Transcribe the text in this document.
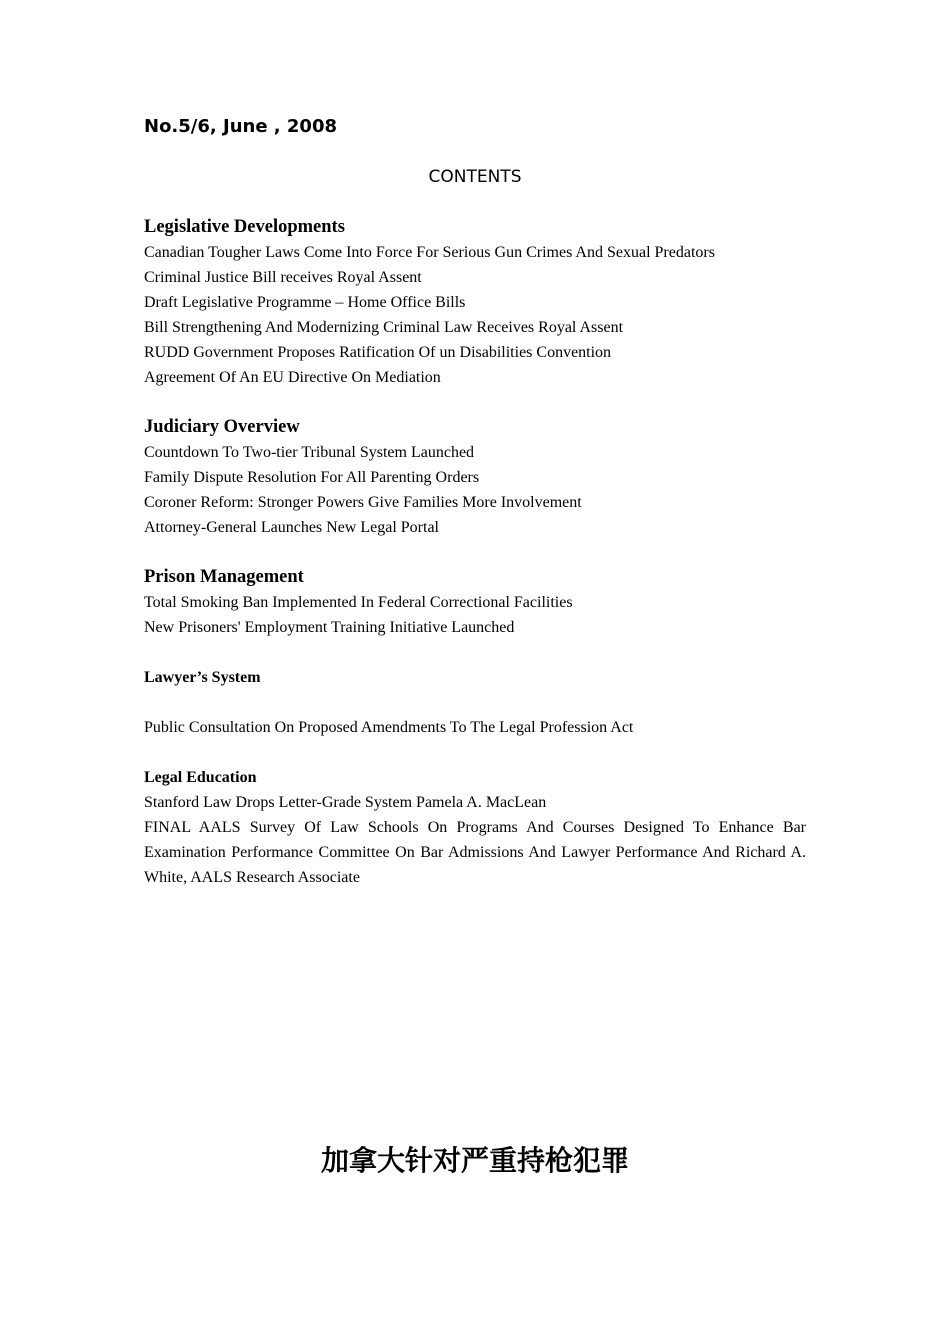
No.5/6, June , 2008
CONTENTS
Legislative Developments
Canadian Tougher Laws Come Into Force For Serious Gun Crimes And Sexual Predators
Criminal Justice Bill receives Royal Assent
Draft Legislative Programme – Home Office Bills
Bill Strengthening And Modernizing Criminal Law Receives Royal Assent
RUDD Government Proposes Ratification Of un Disabilities Convention
Agreement Of An EU Directive On Mediation
Judiciary Overview
Countdown To Two-tier Tribunal System Launched
Family Dispute Resolution For All Parenting Orders
Coroner Reform: Stronger Powers Give Families More Involvement
Attorney-General Launches New Legal Portal
Prison Management
Total Smoking Ban Implemented In Federal Correctional Facilities
New Prisoners' Employment Training Initiative Launched
Lawyer’s System
Public Consultation On Proposed Amendments To The Legal Profession Act
Legal Education
Stanford Law Drops Letter-Grade System Pamela A. MacLean
FINAL AALS Survey Of Law Schools On Programs And Courses Designed To Enhance Bar Examination Performance Committee On Bar Admissions And Lawyer Performance And Richard A. White, AALS Research Associate
加拿大针对严重持枪犯罪
